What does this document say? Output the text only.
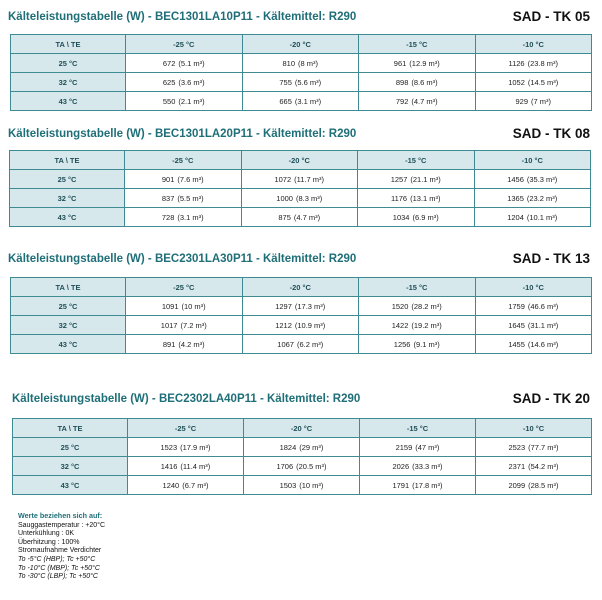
Kälteleistungstabelle (W) - BEC1301LA10P11 - Kältemittel: R290	SAD - TK 05
TA \ TE	-25 °C	-20 °C	-15 °C	-10 °C
25 °C	672 (5.1 m³)	810 (8 m³)	961 (12.9 m³)	1126 (23.8 m³)
32 °C	625 (3.6 m³)	755 (5.6 m³)	898 (8.6 m³)	1052 (14.5 m³)
43 °C	550 (2.1 m³)	665 (3.1 m³)	792 (4.7 m³)	929 (7 m³)
Kälteleistungstabelle (W) - BEC1301LA20P11 - Kältemittel: R290	SAD - TK 08
TA \ TE	-25 °C	-20 °C	-15 °C	-10 °C
25 °C	901 (7.6 m³)	1072 (11.7 m³)	1257 (21.1 m³)	1456 (35.3 m³)
32 °C	837 (5.5 m³)	1000 (8.3 m³)	1176 (13.1 m³)	1365 (23.2 m³)
43 °C	728 (3.1 m³)	875 (4.7 m³)	1034 (6.9 m³)	1204 (10.1 m³)
Kälteleistungstabelle (W) - BEC2301LA30P11 - Kältemittel: R290	SAD - TK 13
TA \ TE	-25 °C	-20 °C	-15 °C	-10 °C
25 °C	1091 (10 m³)	1297 (17.3 m³)	1520 (28.2 m³)	1759 (46.6 m³)
32 °C	1017 (7.2 m³)	1212 (10.9 m³)	1422 (19.2 m³)	1645 (31.1 m³)
43 °C	891 (4.2 m³)	1067 (6.2 m³)	1256 (9.1 m³)	1455 (14.6 m³)
Kälteleistungstabelle (W) - BEC2302LA40P11 - Kältemittel: R290	SAD - TK 20
TA \ TE	-25 °C	-20 °C	-15 °C	-10 °C
25 °C	1523 (17.9 m³)	1824 (29 m³)	2159 (47 m³)	2523 (77.7 m³)
32 °C	1416 (11.4 m³)	1706 (20.5 m³)	2026 (33.3 m³)	2371 (54.2 m³)
43 °C	1240 (6.7 m³)	1503 (10 m³)	1791 (17.8 m³)	2099 (28.5 m³)
Werte beziehen sich auf:
Sauggastemperatur : +20°C
Unterkühlung : 0K
Überhitzung : 100%
Stromaufnahme Verdichter
To -5°C (HBP); Tc +50°C
To -10°C (MBP); Tc +50°C
To -30°C (LBP); Tc +50°C
